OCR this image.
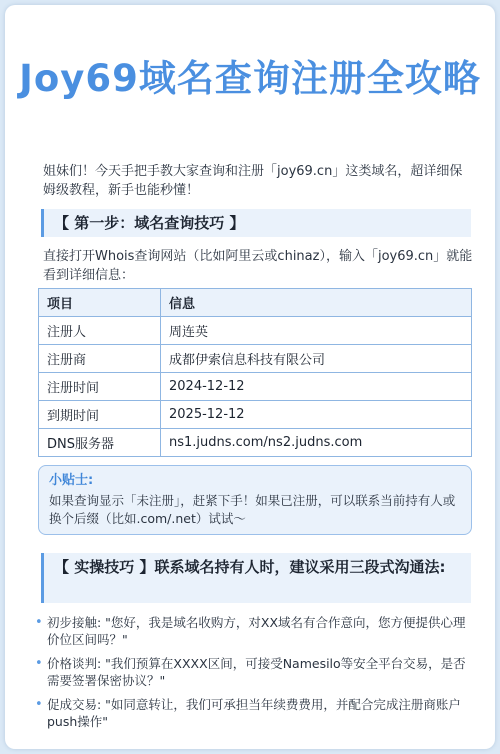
Joy69域名查询注册全攻略

姐妹们！今天手把手教大家查询和注册「joy69.cn」这类域名，超详细保姆级教程，新手也能秒懂！

【 第一步：域名查询技巧 】

直接打开Whois查询网站（比如阿里云或chinaz），输入「joy69.cn」就能看到详细信息：

项目	信息
注册人	周连英
注册商	成都伊索信息科技有限公司
注册时间	2024-12-12
到期时间	2025-12-12
DNS服务器	ns1.judns.com/ns2.judns.com
小贴士:
如果查询显示「未注册」，赶紧下手！如果已注册，可以联系当前持有人或换个后缀（比如.com/.net）试试～
【 实操技巧 】联系域名持有人时，建议采用三段式沟通法:
• 初步接触: "您好，我是域名收购方，对XX域名有合作意向，您方便提供心理价位区间吗？"
• 价格谈判: "我们预算在XXXX区间，可接受Namesilo等安全平台交易，是否需要签署保密协议？"
• 促成交易: "如同意转让，我们可承担当年续费费用，并配合完成注册商账户push操作"
